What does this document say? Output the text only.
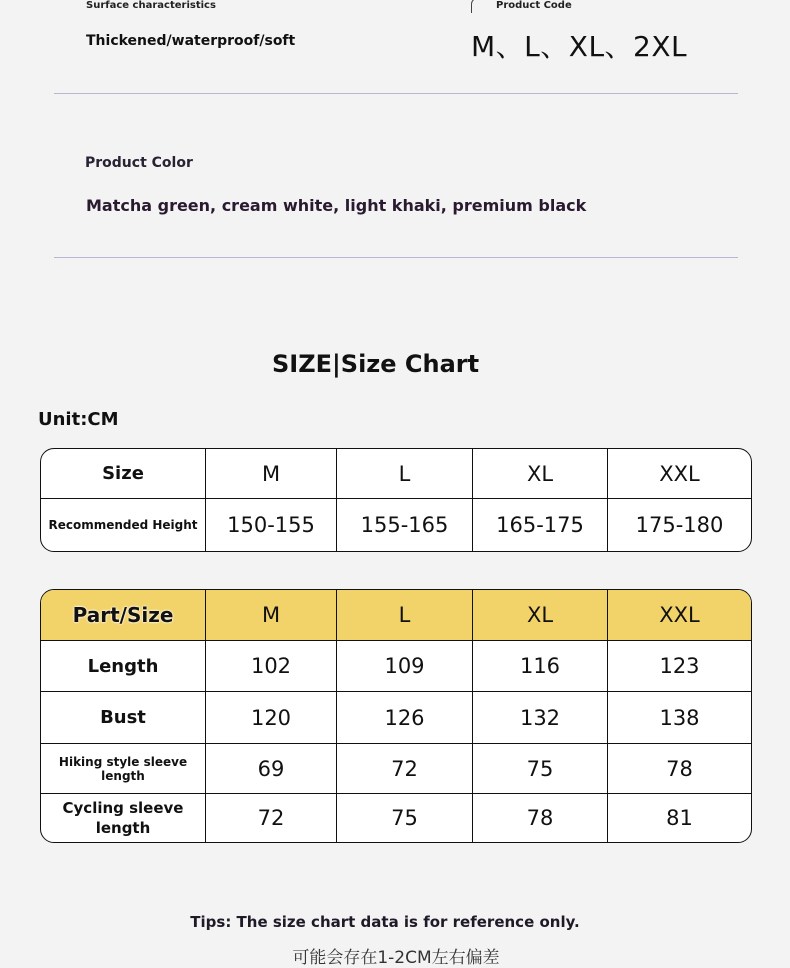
Surface characteristics
Thickened/waterproof/soft
Product Code
M、L、XL、2XL
Product Color
Matcha green, cream white, light khaki, premium black
SIZE|Size Chart
Unit:CM
Size	M	L	XL	XXL
Recommended Height	150-155	155-165	165-175	175-180
Part/Size	M	L	XL	XXL
Length	102	109	116	123
Bust	120	126	132	138
Hiking style sleeve length	69	72	75	78
Cycling sleeve length	72	75	78	81
Tips: The size chart data is for reference only.
可能会存在1-2CM左右偏差
